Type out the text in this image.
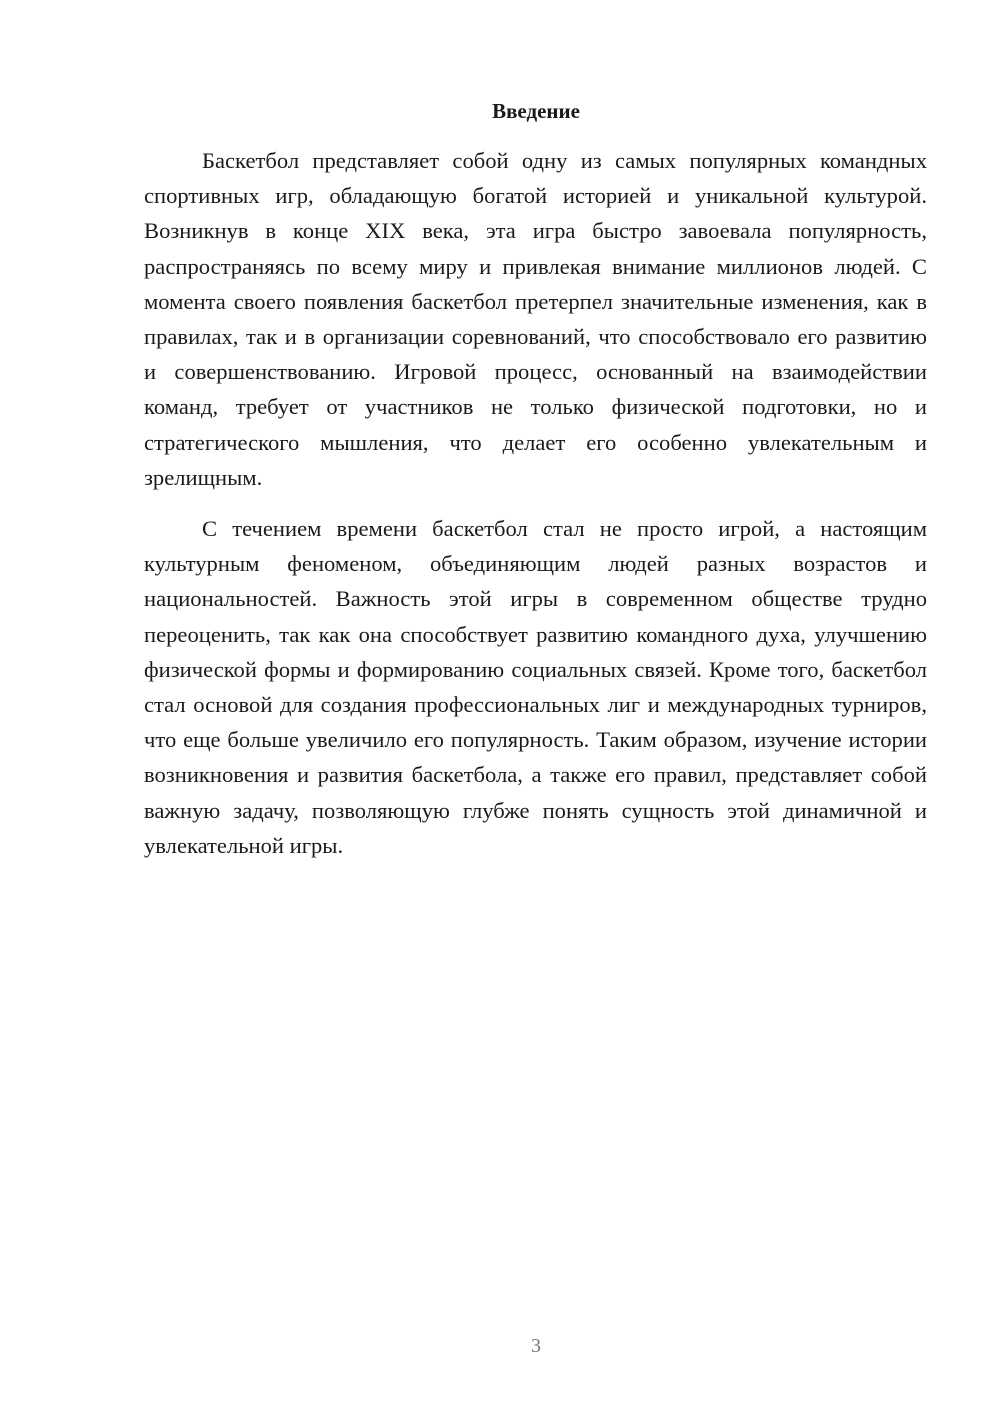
Введение

Баскетбол представляет собой одну из самых популярных командных спортивных игр, обладающую богатой историей и уникальной культурой. Возникнув в конце XIX века, эта игра быстро завоевала популярность, распространяясь по всему миру и привлекая внимание миллионов людей. С момента своего появления баскетбол претерпел значительные изменения, как в правилах, так и в организации соревнований, что способствовало его развитию и совершенствованию. Игровой процесс, основанный на взаимодействии команд, требует от участников не только физической подготовки, но и стратегического мышления, что делает его особенно увлекательным и зрелищным.

С течением времени баскетбол стал не просто игрой, а настоящим культурным феноменом, объединяющим людей разных возрастов и национальностей. Важность этой игры в современном обществе трудно переоценить, так как она способствует развитию командного духа, улучшению физической формы и формированию социальных связей. Кроме того, баскетбол стал основой для создания профессиональных лиг и международных турниров, что еще больше увеличило его популярность. Таким образом, изучение истории возникновения и развития баскетбола, а также его правил, представляет собой важную задачу, позволяющую глубже понять сущность этой динамичной и увлекательной игры.

3
